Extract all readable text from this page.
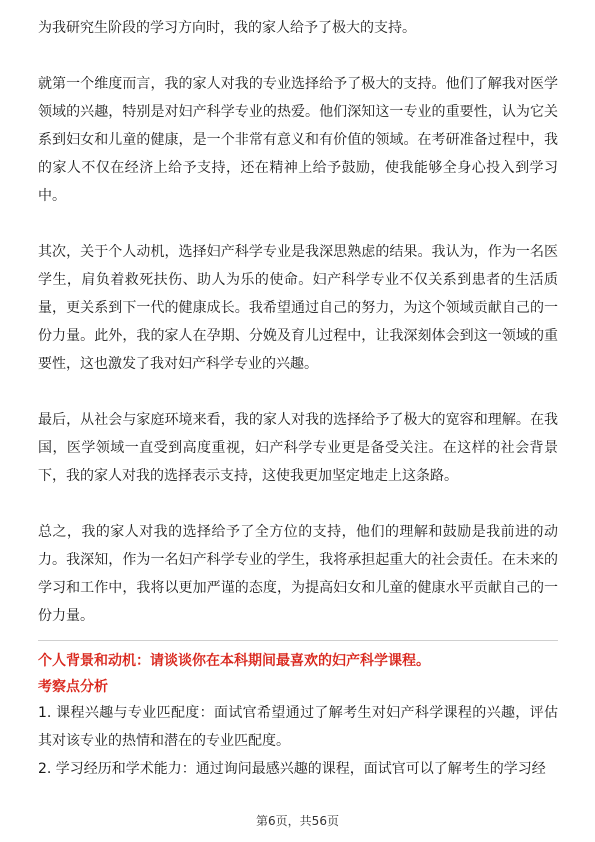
为我研究生阶段的学习方向时，我的家人给予了极大的支持。

就第一个维度而言，我的家人对我的专业选择给予了极大的支持。他们了解我对医学领域的兴趣，特别是对妇产科学专业的热爱。他们深知这一专业的重要性，认为它关系到妇女和儿童的健康，是一个非常有意义和有价值的领域。在考研准备过程中，我的家人不仅在经济上给予支持，还在精神上给予鼓励，使我能够全身心投入到学习中。

其次，关于个人动机，选择妇产科学专业是我深思熟虑的结果。我认为，作为一名医学生，肩负着救死扶伤、助人为乐的使命。妇产科学专业不仅关系到患者的生活质量，更关系到下一代的健康成长。我希望通过自己的努力，为这个领域贡献自己的一份力量。此外，我的家人在孕期、分娩及育儿过程中，让我深刻体会到这一领域的重要性，这也激发了我对妇产科学专业的兴趣。

最后，从社会与家庭环境来看，我的家人对我的选择给予了极大的宽容和理解。在我国，医学领域一直受到高度重视，妇产科学专业更是备受关注。在这样的社会背景下，我的家人对我的选择表示支持，这使我更加坚定地走上这条路。

总之，我的家人对我的选择给予了全方位的支持，他们的理解和鼓励是我前进的动力。我深知，作为一名妇产科学专业的学生，我将承担起重大的社会责任。在未来的学习和工作中，我将以更加严谨的态度，为提高妇女和儿童的健康水平贡献自己的一份力量。

个人背景和动机：请谈谈你在本科期间最喜欢的妇产科学课程。

考察点分析

1. 课程兴趣与专业匹配度：面试官希望通过了解考生对妇产科学课程的兴趣，评估其对该专业的热情和潜在的专业匹配度。
2. 学习经历和学术能力：通过询问最感兴趣的课程，面试官可以了解考生的学习经
第6页，共56页
